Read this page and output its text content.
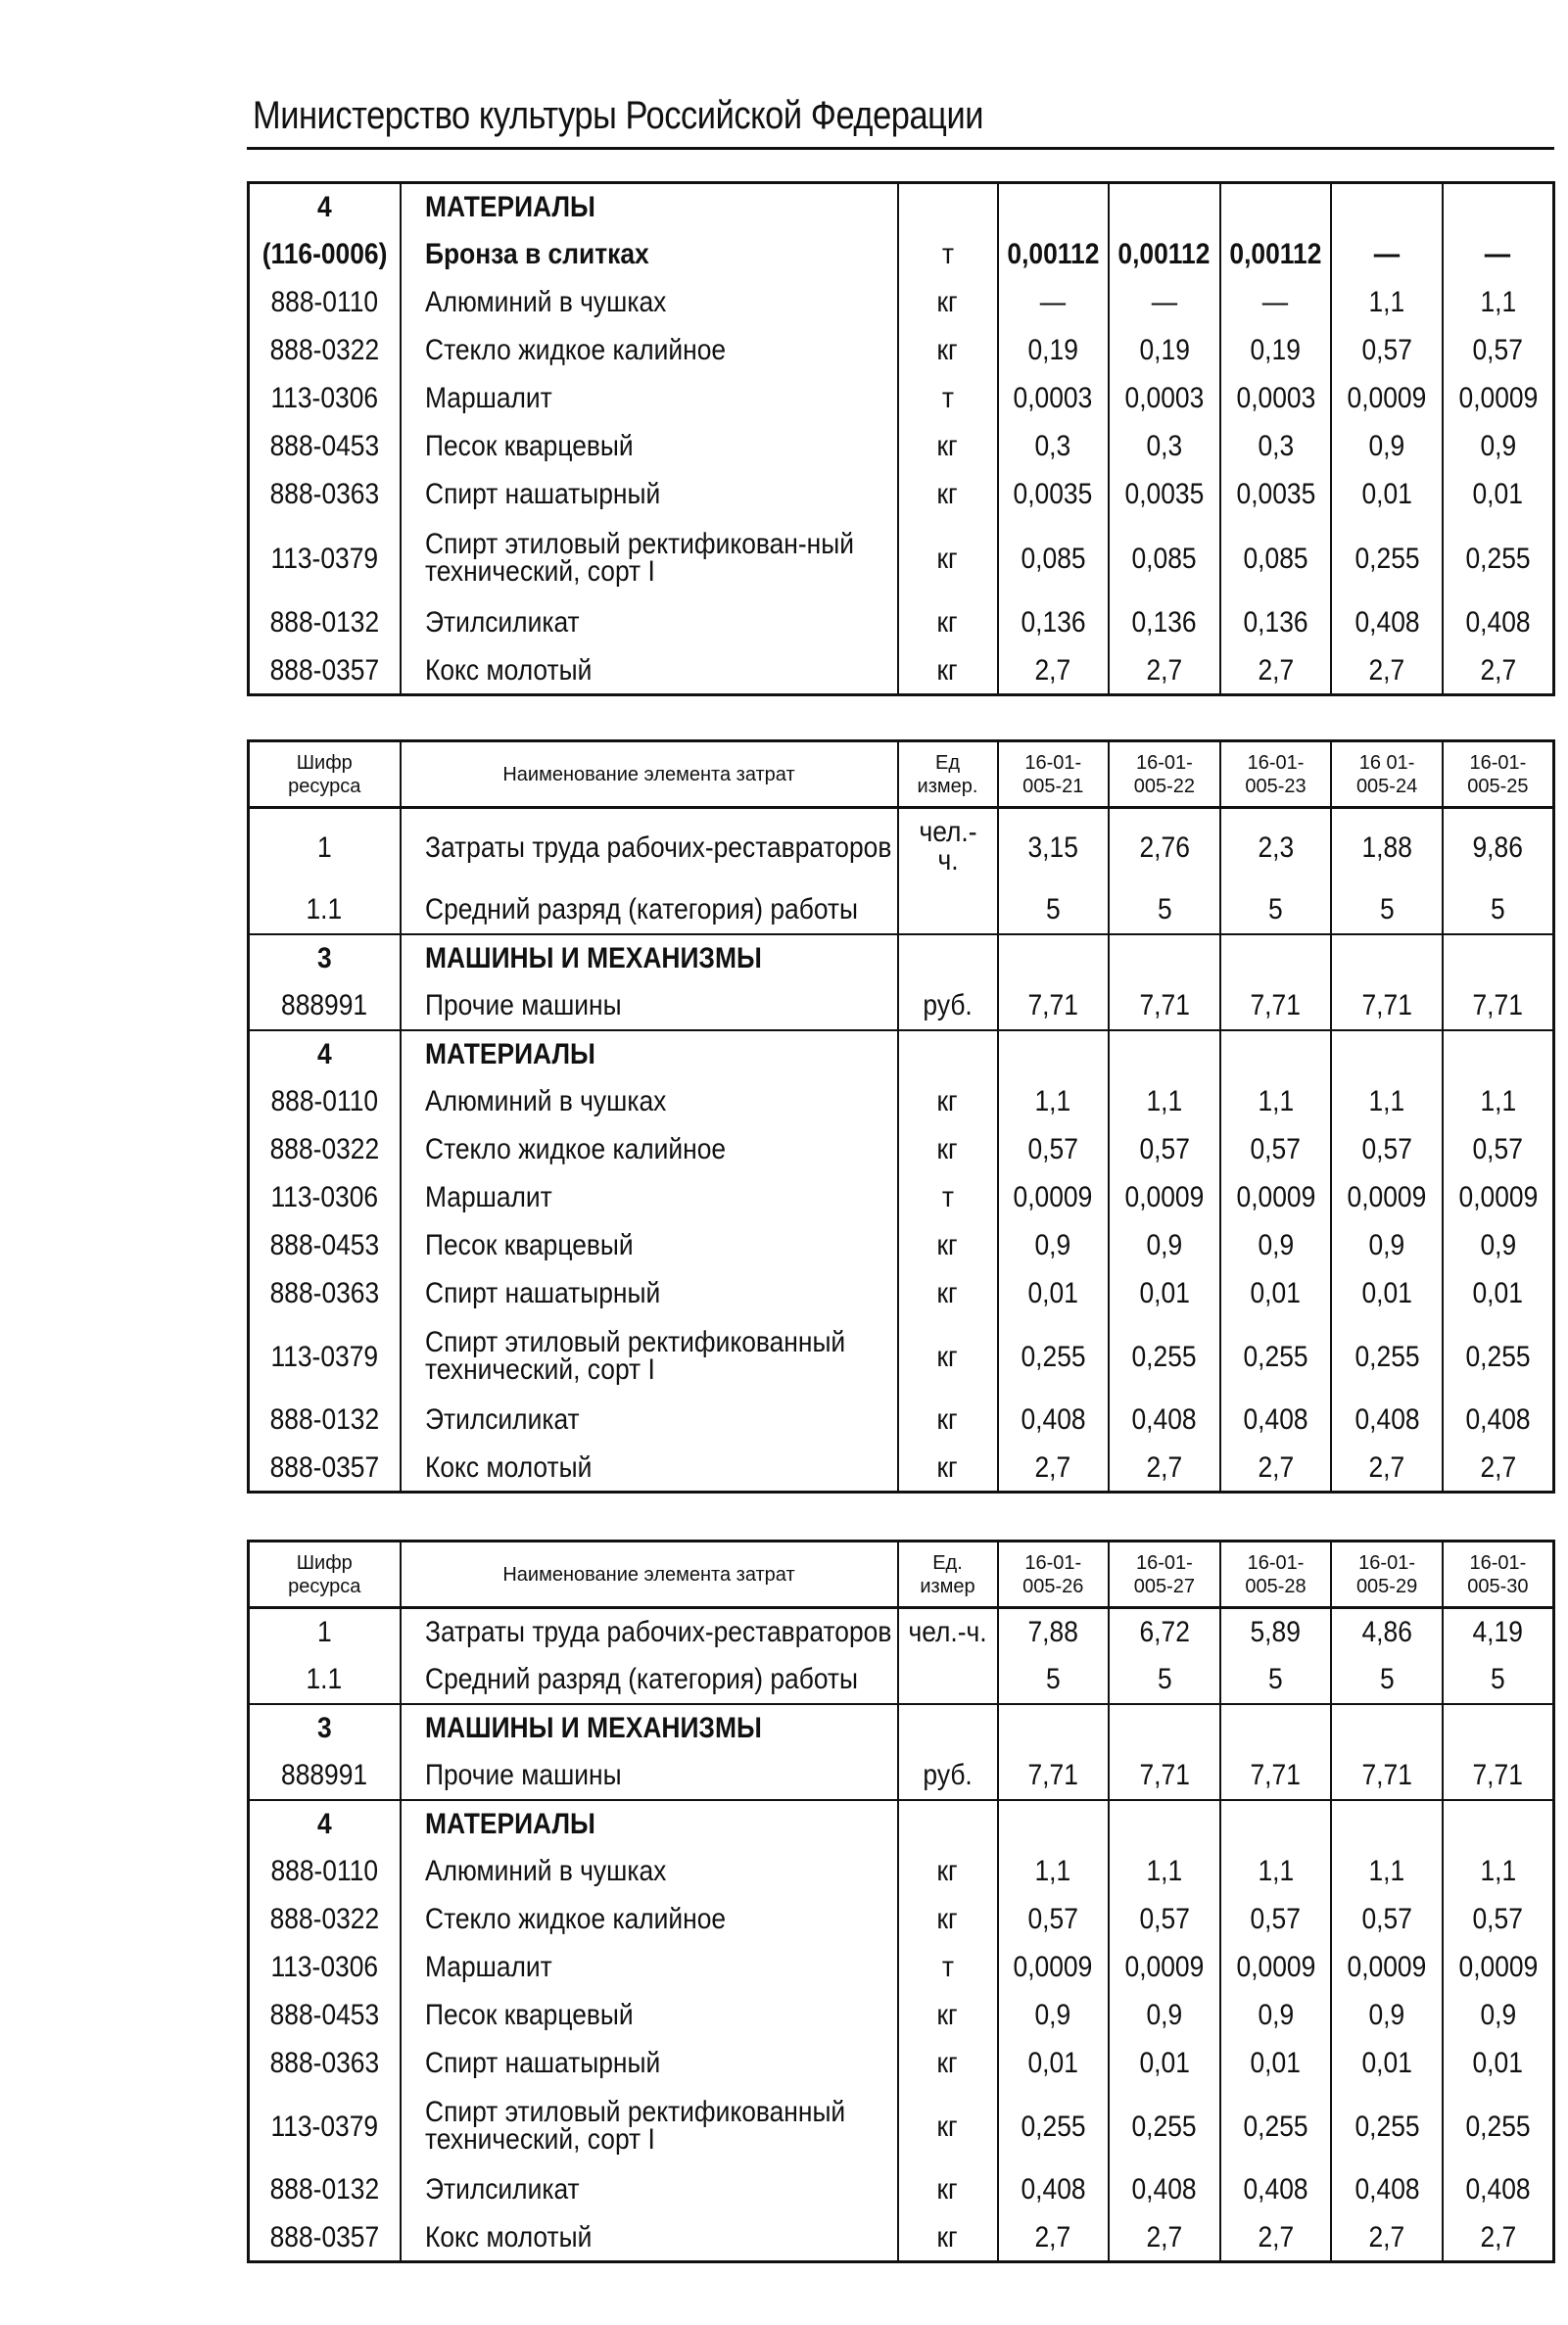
Министерство культуры Российской Федерации
4	МАТЕРИАЛЫ						
(116-0006)	Бронза в слитках	т	0,00112	0,00112	0,00112	—	—
888-0110	Алюминий в чушках	кг	—	—	—	1,1	1,1
888-0322	Стекло жидкое калийное	кг	0,19	0,19	0,19	0,57	0,57
113-0306	Маршалит	т	0,0003	0,0003	0,0003	0,0009	0,0009
888-0453	Песок кварцевый	кг	0,3	0,3	0,3	0,9	0,9
888-0363	Спирт нашатырный	кг	0,0035	0,0035	0,0035	0,01	0,01
113-0379	Спирт этиловый ректификован-ный технический, сорт I	кг	0,085	0,085	0,085	0,255	0,255
888-0132	Этилсиликат	кг	0,136	0,136	0,136	0,408	0,408
888-0357	Кокс молотый	кг	2,7	2,7	2,7	2,7	2,7
Шифр ресурса	Наименование элемента затрат	Ед измер.	16-01-005-21	16-01-005-22	16-01-005-23	16 01-005-24	16-01-005-25
1	Затраты труда рабочих-реставраторов	чел.-ч.	3,15	2,76	2,3	1,88	9,86
1.1	Средний разряд (категория) работы		5	5	5	5	5
3	МАШИНЫ И МЕХАНИЗМЫ						
888991	Прочие машины	руб.	7,71	7,71	7,71	7,71	7,71
4	МАТЕРИАЛЫ						
888-0110	Алюминий в чушках	кг	1,1	1,1	1,1	1,1	1,1
888-0322	Стекло жидкое калийное	кг	0,57	0,57	0,57	0,57	0,57
113-0306	Маршалит	т	0,0009	0,0009	0,0009	0,0009	0,0009
888-0453	Песок кварцевый	кг	0,9	0,9	0,9	0,9	0,9
888-0363	Спирт нашатырный	кг	0,01	0,01	0,01	0,01	0,01
113-0379	Спирт этиловый ректификованный технический, сорт I	кг	0,255	0,255	0,255	0,255	0,255
888-0132	Этилсиликат	кг	0,408	0,408	0,408	0,408	0,408
888-0357	Кокс молотый	кг	2,7	2,7	2,7	2,7	2,7
Шифр ресурса	Наименование элемента затрат	Ед. измер	16-01-005-26	16-01-005-27	16-01-005-28	16-01-005-29	16-01-005-30
1	Затраты труда рабочих-реставраторов	чел.-ч.	7,88	6,72	5,89	4,86	4,19
1.1	Средний разряд (категория) работы		5	5	5	5	5
3	МАШИНЫ И МЕХАНИЗМЫ						
888991	Прочие машины	руб.	7,71	7,71	7,71	7,71	7,71
4	МАТЕРИАЛЫ						
888-0110	Алюминий в чушках	кг	1,1	1,1	1,1	1,1	1,1
888-0322	Стекло жидкое калийное	кг	0,57	0,57	0,57	0,57	0,57
113-0306	Маршалит	т	0,0009	0,0009	0,0009	0,0009	0,0009
888-0453	Песок кварцевый	кг	0,9	0,9	0,9	0,9	0,9
888-0363	Спирт нашатырный	кг	0,01	0,01	0,01	0,01	0,01
113-0379	Спирт этиловый ректификованный технический, сорт I	кг	0,255	0,255	0,255	0,255	0,255
888-0132	Этилсиликат	кг	0,408	0,408	0,408	0,408	0,408
888-0357	Кокс молотый	кг	2,7	2,7	2,7	2,7	2,7
